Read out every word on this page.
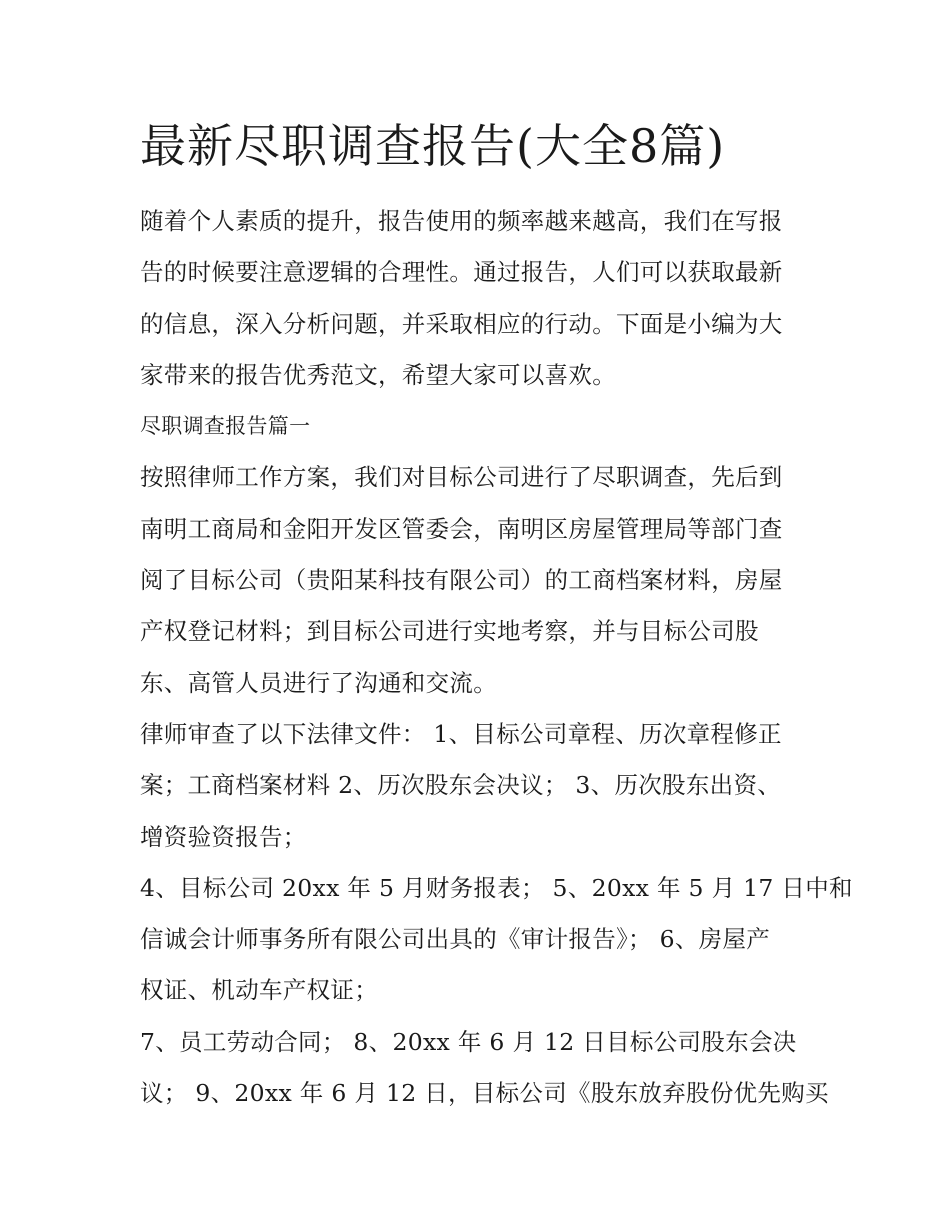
最新尽职调查报告(大全8篇)
随着个人素质的提升，报告使用的频率越来越高，我们在写报
告的时候要注意逻辑的合理性。通过报告，人们可以获取最新
的信息，深入分析问题，并采取相应的行动。下面是小编为大
家带来的报告优秀范文，希望大家可以喜欢。
尽职调查报告篇一
按照律师工作方案，我们对目标公司进行了尽职调查，先后到
南明工商局和金阳开发区管委会，南明区房屋管理局等部门查
阅了目标公司（贵阳某科技有限公司）的工商档案材料，房屋
产权登记材料；到目标公司进行实地考察，并与目标公司股
东、高管人员进行了沟通和交流。
律师审查了以下法律文件： 1、目标公司章程、历次章程修正
案；工商档案材料 2、历次股东会决议； 3、历次股东出资、
增资验资报告；
4、目标公司 20xx 年 5 月财务报表； 5、20xx 年 5 月 17 日中和
信诚会计师事务所有限公司出具的《审计报告》； 6、房屋产
权证、机动车产权证；
7、员工劳动合同； 8、20xx 年 6 月 12 日目标公司股东会决
议； 9、20xx 年 6 月 12 日，目标公司《股东放弃股份优先购买
